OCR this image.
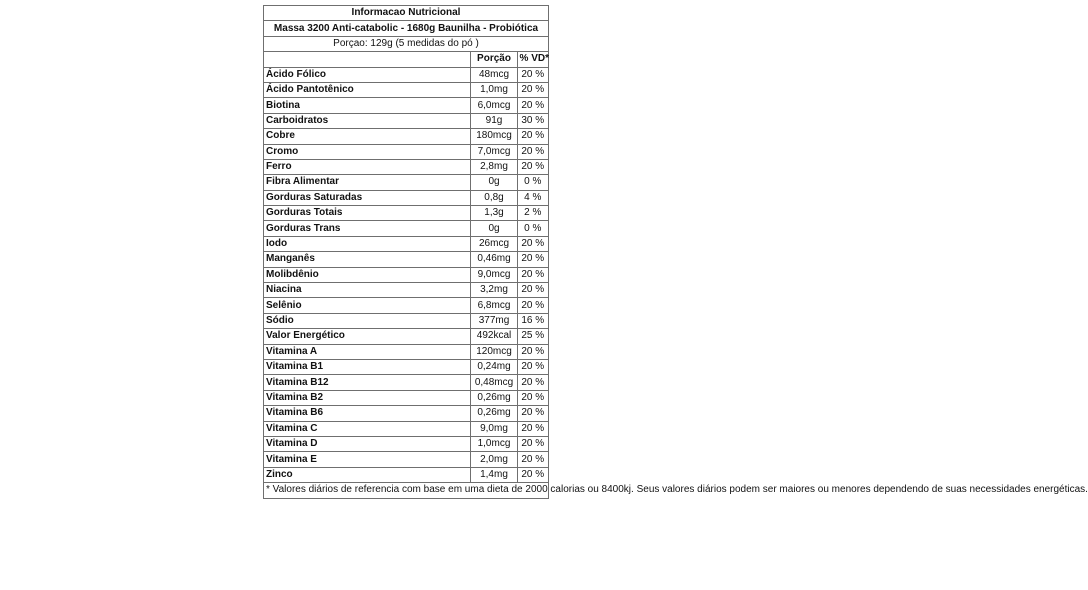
Informacao Nutricional		
Massa 3200 Anti-catabolic - 1680g Baunilha - Probiótica		
Porçao: 129g (5 medidas do pó )		
	Porção	% VD*
Ácido Fólico	48mcg	20 %
Ácido Pantotênico	1,0mg	20 %
Biotina	6,0mcg	20 %
Carboidratos	91g	30 %
Cobre	180mcg	20 %
Cromo	7,0mcg	20 %
Ferro	2,8mg	20 %
Fibra Alimentar	0g	0 %
Gorduras Saturadas	0,8g	4 %
Gorduras Totais	1,3g	2 %
Gorduras Trans	0g	0 %
Iodo	26mcg	20 %
Manganês	0,46mg	20 %
Molibdênio	9,0mcg	20 %
Niacina	3,2mg	20 %
Selênio	6,8mcg	20 %
Sódio	377mg	16 %
Valor Energético	492kcal	25 %
Vitamina A	120mcg	20 %
Vitamina B1	0,24mg	20 %
Vitamina B12	0,48mcg	20 %
Vitamina B2	0,26mg	20 %
Vitamina B6	0,26mg	20 %
Vitamina C	9,0mg	20 %
Vitamina D	1,0mcg	20 %
Vitamina E	2,0mg	20 %
Zinco	1,4mg	20 %
* Valores diários de referencia com base em uma dieta de 2000 calorias ou 8400kj. Seus valores diários podem ser maiores ou menores dependendo de suas necessidades energéticas.		
